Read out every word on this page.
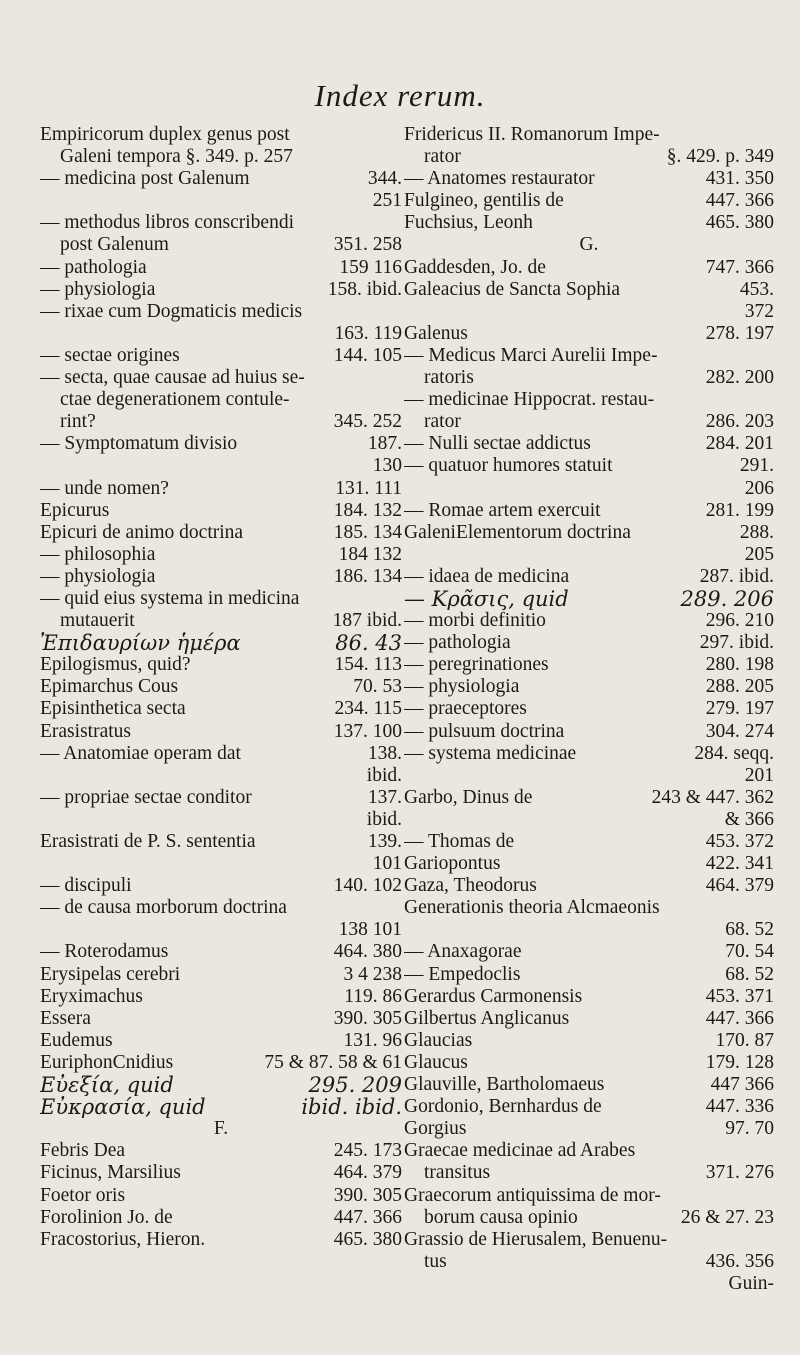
Index rerum.
Empiricorum duplex genus post
Galeni tempora §. 349. p. 257
— medicina post Galenum	344.
251
— methodus libros conscribendi
post Galenum	351. 258
— pathologia	159 116
— physiologia	158. ibid.
— rixae cum Dogmaticis medicis
163. 119
— sectae origines	144. 105
— secta, quae causae ad huius se-
ctae degenerationem contule-
rint?	345. 252
— Symptomatum divisio	187.
130
— unde nomen?	131. 111
Epicurus	184. 132
Epicuri de animo doctrina	185. 134
— philosophia	184 132
— physiologia	186. 134
— quid eius systema in medicina
mutauerit	187 ibid.
Ἐπιδαυρίων ἡμέρα	86. 43
Epilogismus, quid?	154. 113
Epimarchus Cous	70. 53
Episinthetica secta	234. 115
Erasistratus	137. 100
— Anatomiae operam dat	138.
ibid.
— propriae sectae conditor	137.
ibid.
Erasistrati de P. S. sententia	139.
101
— discipuli	140. 102
— de causa morborum doctrina
138 101
— Roterodamus	464. 380
Erysipelas cerebri	3 4 238
Eryximachus	119. 86
Essera	390. 305
Eudemus	131. 96
EuriphonCnidius	75 & 87. 58 & 61
Εὐεξία, quid	295. 209
Εὐκρασία, quid	ibid. ibid.
F.
Febris Dea	245. 173
Ficinus, Marsilius	464. 379
Foetor oris	390. 305
Forolinion Jo. de	447. 366
Fracostorius, Hieron.	465. 380
Fridericus II. Romanorum Impe-
rator	§. 429. p. 349
— Anatomes restaurator	431. 350
Fulgineo, gentilis de	447. 366
Fuchsius, Leonh	465. 380
G.
Gaddesden, Jo. de	747. 366
Galeacius de Sancta Sophia	453.
372
Galenus	278. 197
— Medicus Marci Aurelii Impe-
ratoris	282. 200
— medicinae Hippocrat. restau-
rator	286. 203
— Nulli sectae addictus	284. 201
— quatuor humores statuit	291.
206
— Romae artem exercuit	281. 199
GaleniElementorum doctrina	288.
205
— idaea de medicina	287. ibid.
— Κρᾶσις, quid	289. 206
— morbi definitio	296. 210
— pathologia	297. ibid.
— peregrinationes	280. 198
— physiologia	288. 205
— praeceptores	279. 197
— pulsuum doctrina	304. 274
— systema medicinae	284. seqq.
201
Garbo, Dinus de	243 & 447. 362
& 366
— Thomas de	453. 372
Gariopontus	422. 341
Gaza, Theodorus	464. 379
Generationis theoria Alcmaeonis
68. 52
— Anaxagorae	70. 54
— Empedoclis	68. 52
Gerardus Carmonensis	453. 371
Gilbertus Anglicanus	447. 366
Glaucias	170. 87
Glaucus	179. 128
Glauville, Bartholomaeus	447 366
Gordonio, Bernhardus de	447. 336
Gorgius	97. 70
Graecae medicinae ad Arabes
transitus	371. 276
Graecorum antiquissima de mor-
borum causa opinio	26 & 27. 23
Grassio de Hierusalem, Benuenu-
tus	436. 356
Guin-
